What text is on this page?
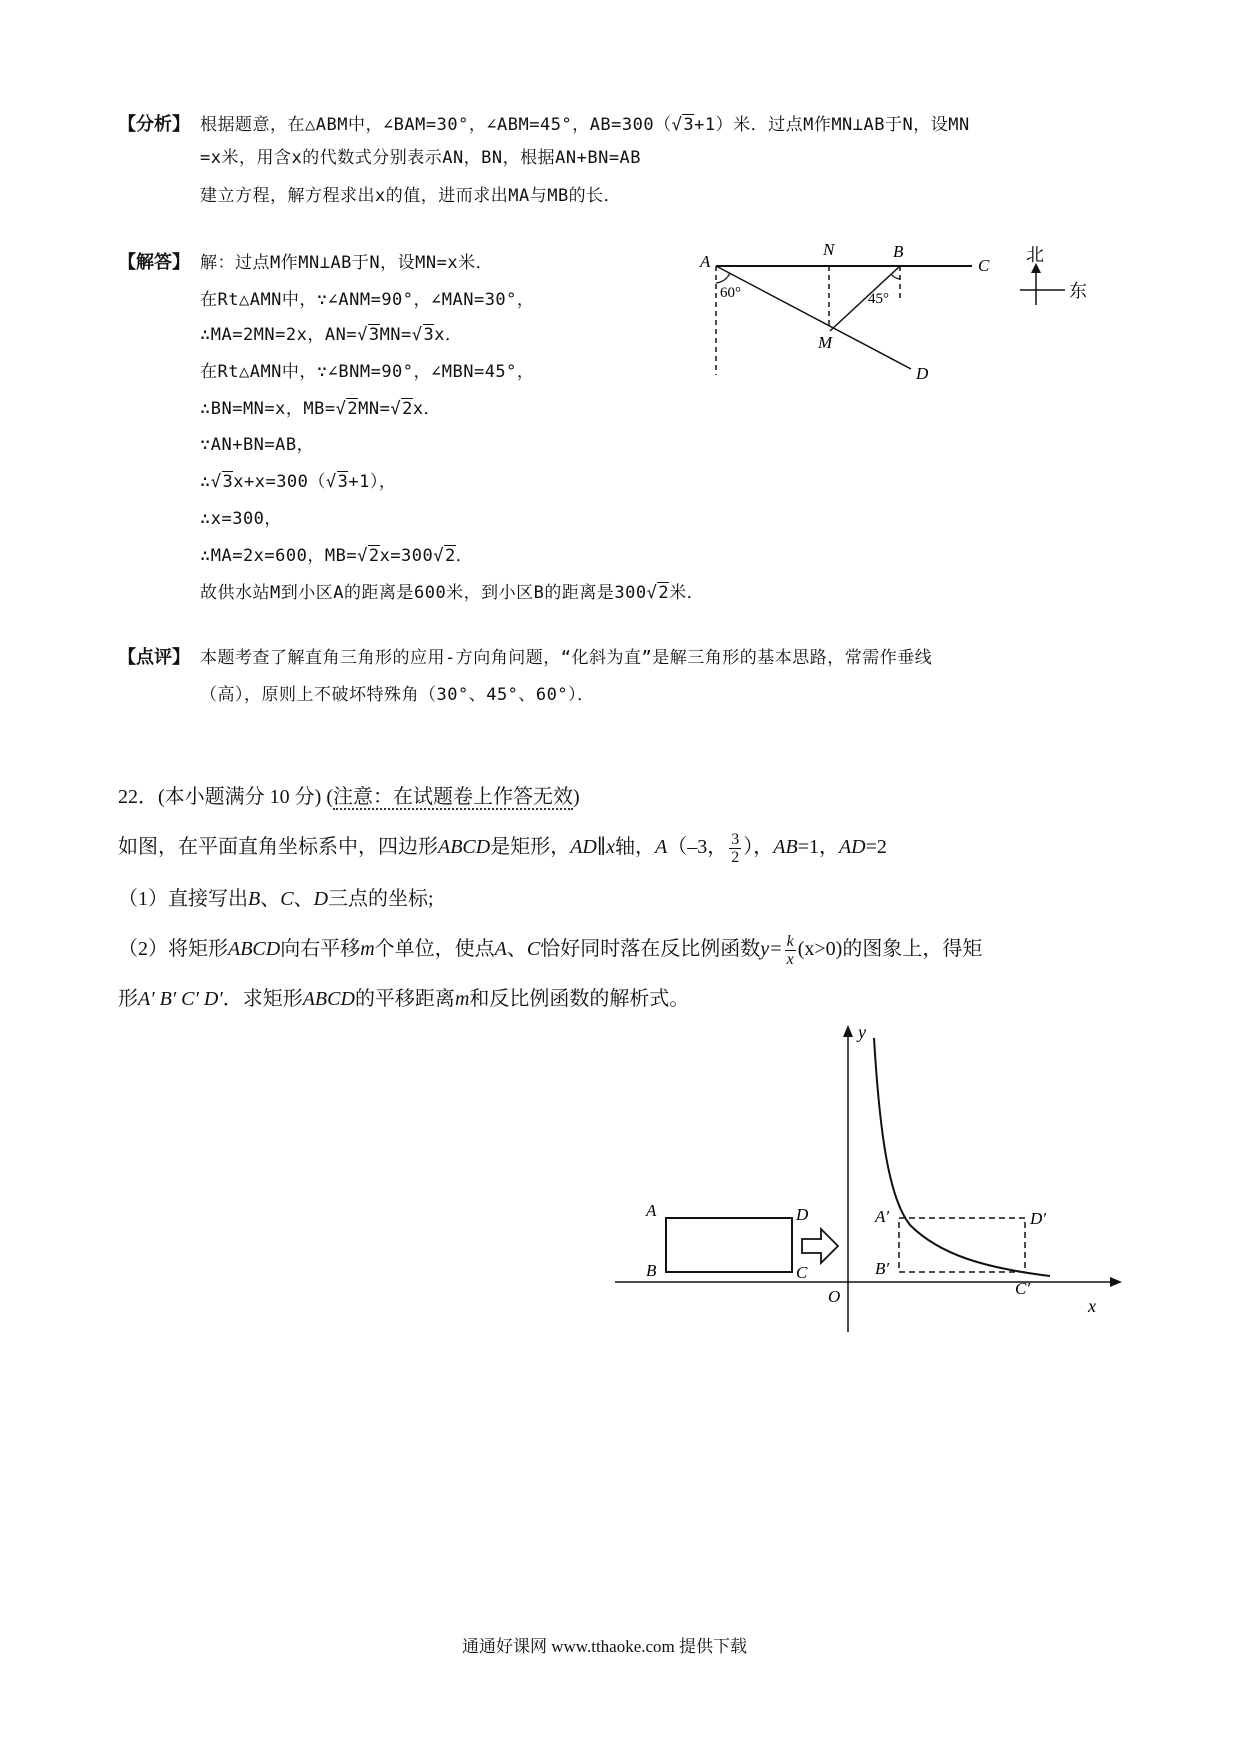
【分析】 根据题意，在△ABM中，∠BAM=30°，∠ABM=45°，AB=300（√3+1）米．过点M作MN⊥AB于N，设MN
=x米，用含x的代数式分别表示AN，BN，根据AN+BN=AB
建立方程，解方程求出x的值，进而求出MA与MB的长．
【解答】 解：过点M作MN⊥AB于N，设MN=x米．
在Rt△AMN中，∵∠ANM=90°，∠MAN=30°，
∴MA=2MN=2x，AN=√3MN=√3x．
在Rt△AMN中，∵∠BNM=90°，∠MBN=45°，
∴BN=MN=x，MB=√2MN=√2x．
∵AN+BN=AB，
∴√3x+x=300（√3+1），
∴x=300，
∴MA=2x=600，MB=√2x=300√2．
故供水站M到小区A的距离是600米，到小区B的距离是300√2米．
A
N	B
C
M
D
60°	45°
北
东
【点评】 本题考查了解直角三角形的应用-方向角问题，“化斜为直”是解三角形的基本思路，常需作垂线
（高），原则上不破坏特殊角（30°、45°、60°）．
22．(本小题满分 10 分) (注意：在试题卷上作答无效)
如图，在平面直角坐标系中，四边形ABCD是矩形，AD∥x轴，A（–3， $\frac{3}{2}$ ），AB=1，AD=2
（1）直接写出B、C、D三点的坐标;
（2）将矩形ABCD向右平移m个单位，使点A、C恰好同时落在反比例函数$y= \frac{k}{x} (x>0)$的图象上，得矩
形A′ B′ C′ D′．求矩形ABCD的平移距离m和反比例函数的解析式。
y
x
O
A
B	C
D	A′
B′
D′
C′
通通好课网 www.tthaoke.com 提供下载
